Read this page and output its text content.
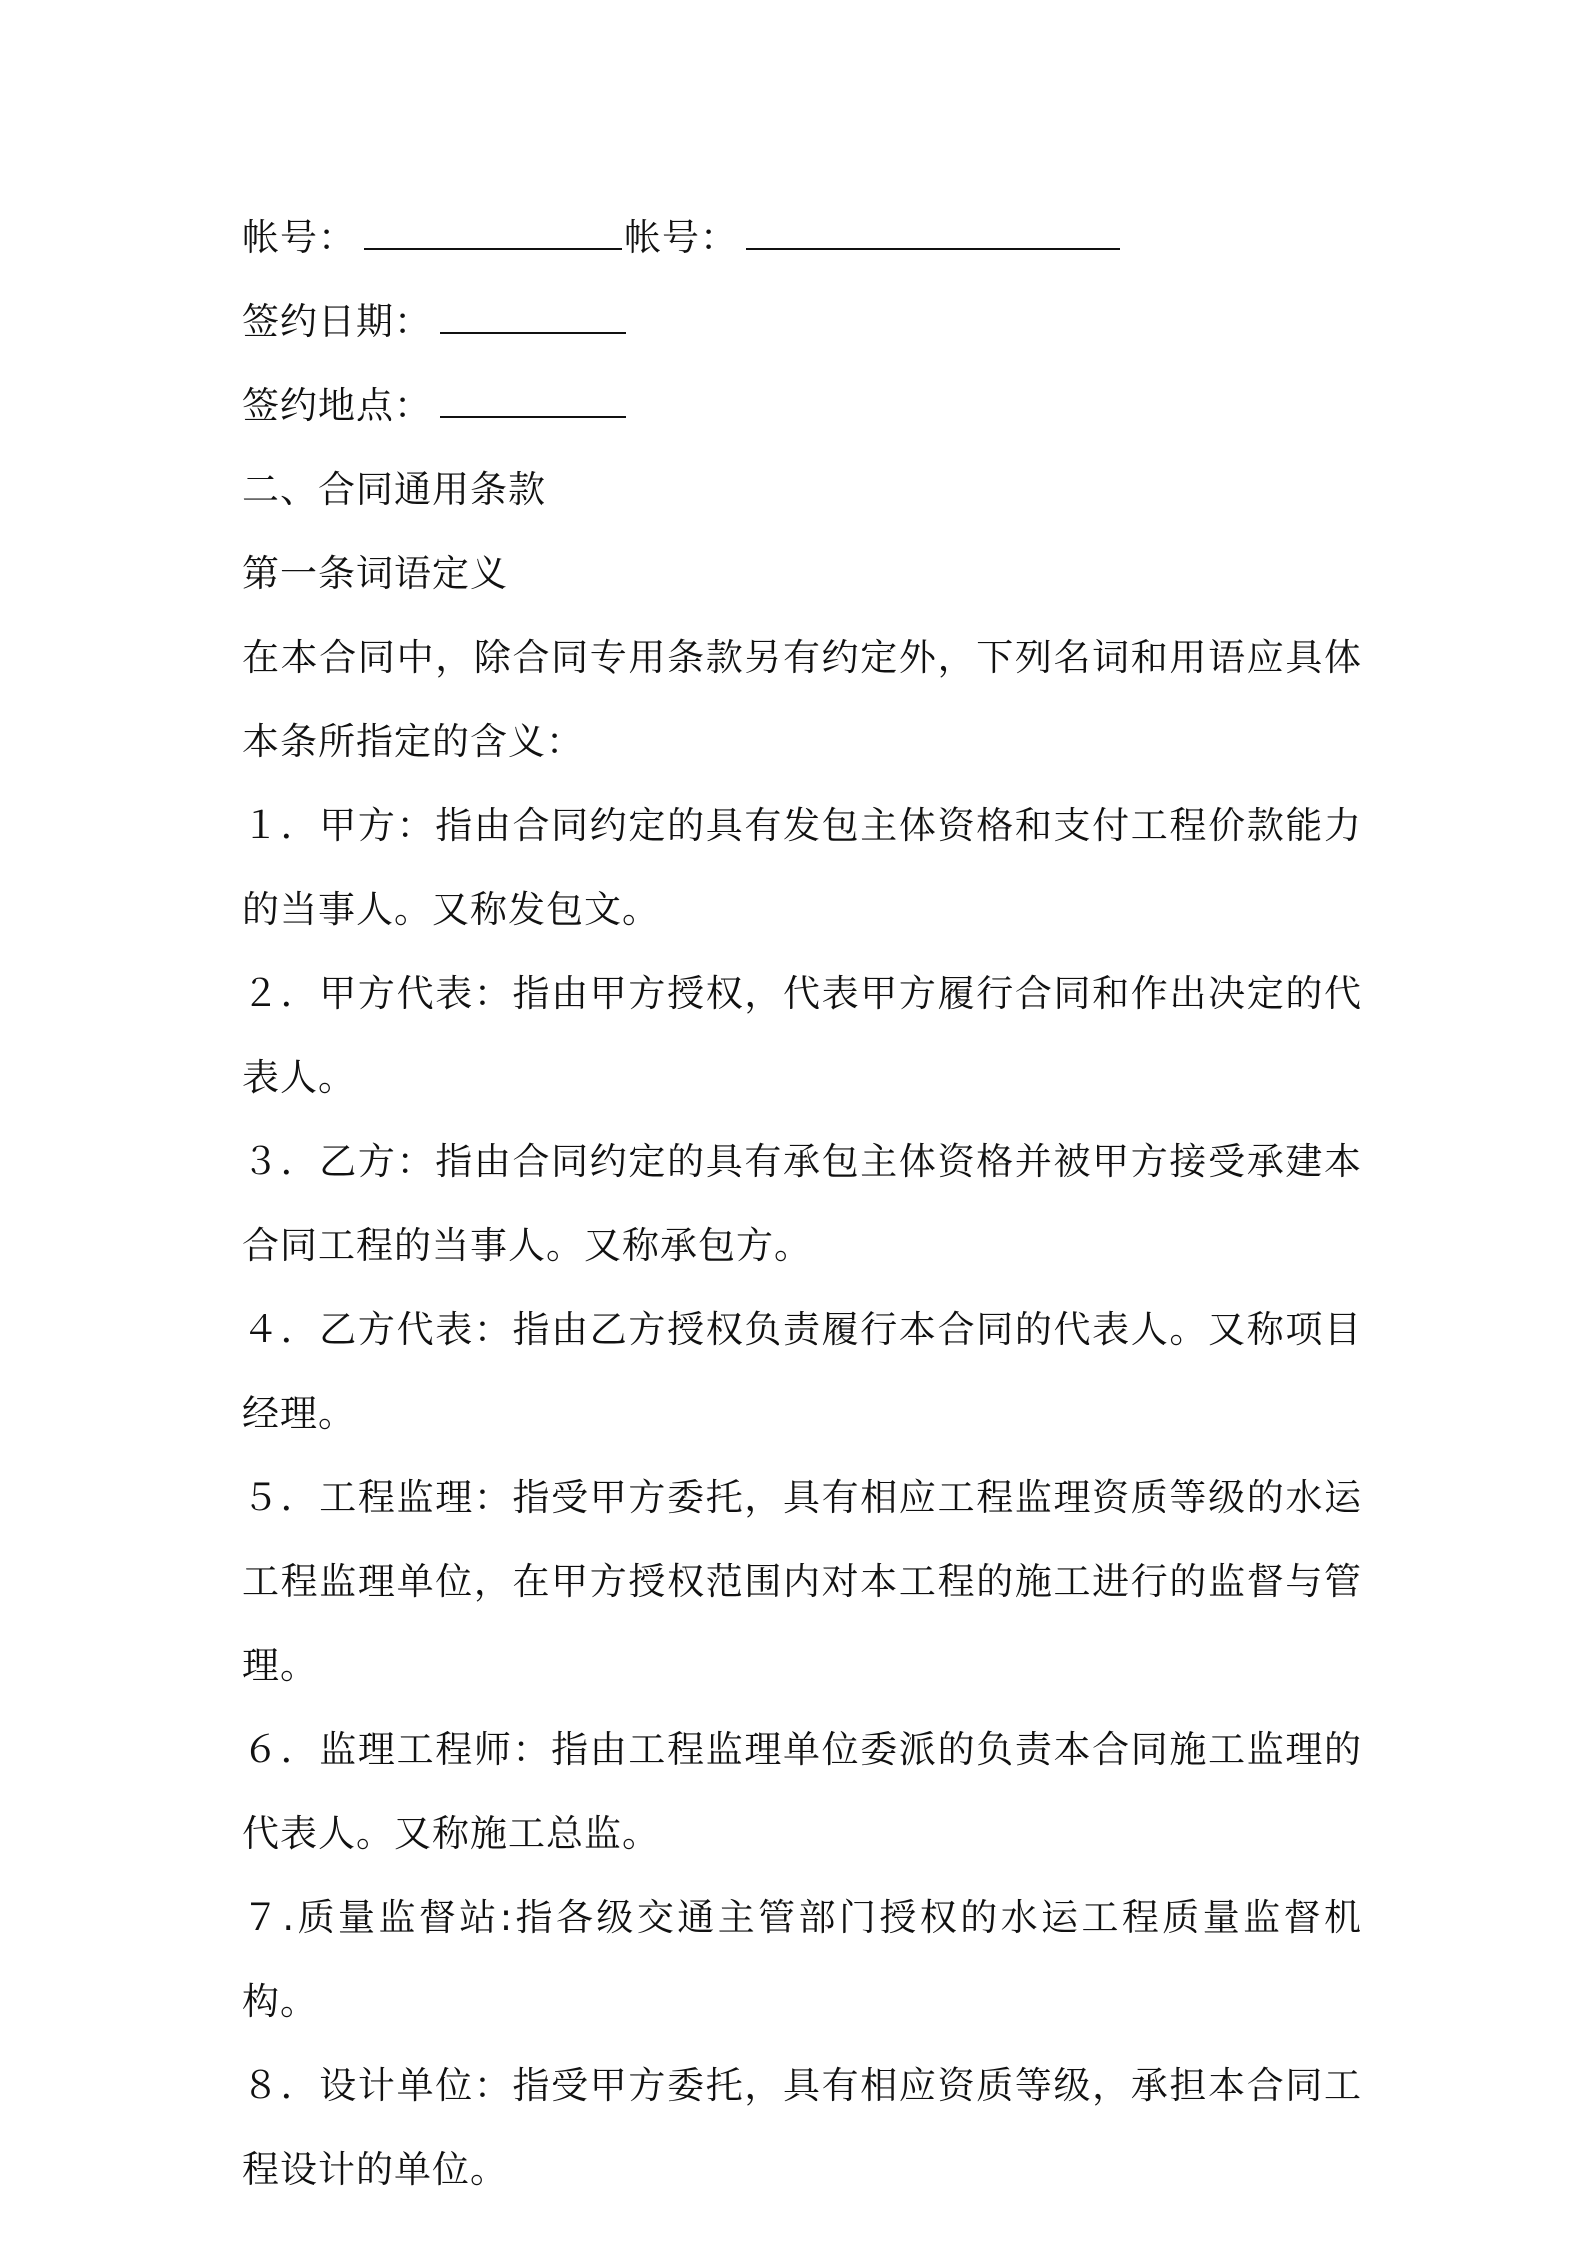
帐号：	帐号：
签约日期：
签约地点：
二、合同通用条款
第一条词语定义
在本合同中，除合同专用条款另有约定外，下列名词和用语应具体本条所指定的含义：
１．甲方：指由合同约定的具有发包主体资格和支付工程价款能力的当事人。又称发包文。
２．甲方代表：指由甲方授权，代表甲方履行合同和作出决定的代表人。
３．乙方：指由合同约定的具有承包主体资格并被甲方接受承建本合同工程的当事人。又称承包方。
４．乙方代表：指由乙方授权负责履行本合同的代表人。又称项目经理。
５．工程监理：指受甲方委托，具有相应工程监理资质等级的水运工程监理单位，在甲方授权范围内对本工程的施工进行的监督与管理。
６．监理工程师：指由工程监理单位委派的负责本合同施工监理的代表人。又称施工总监。
７.质量监督站:指各级交通主管部门授权的水运工程质量监督机构。
８．设计单位：指受甲方委托，具有相应资质等级，承担本合同工程设计的单位。
